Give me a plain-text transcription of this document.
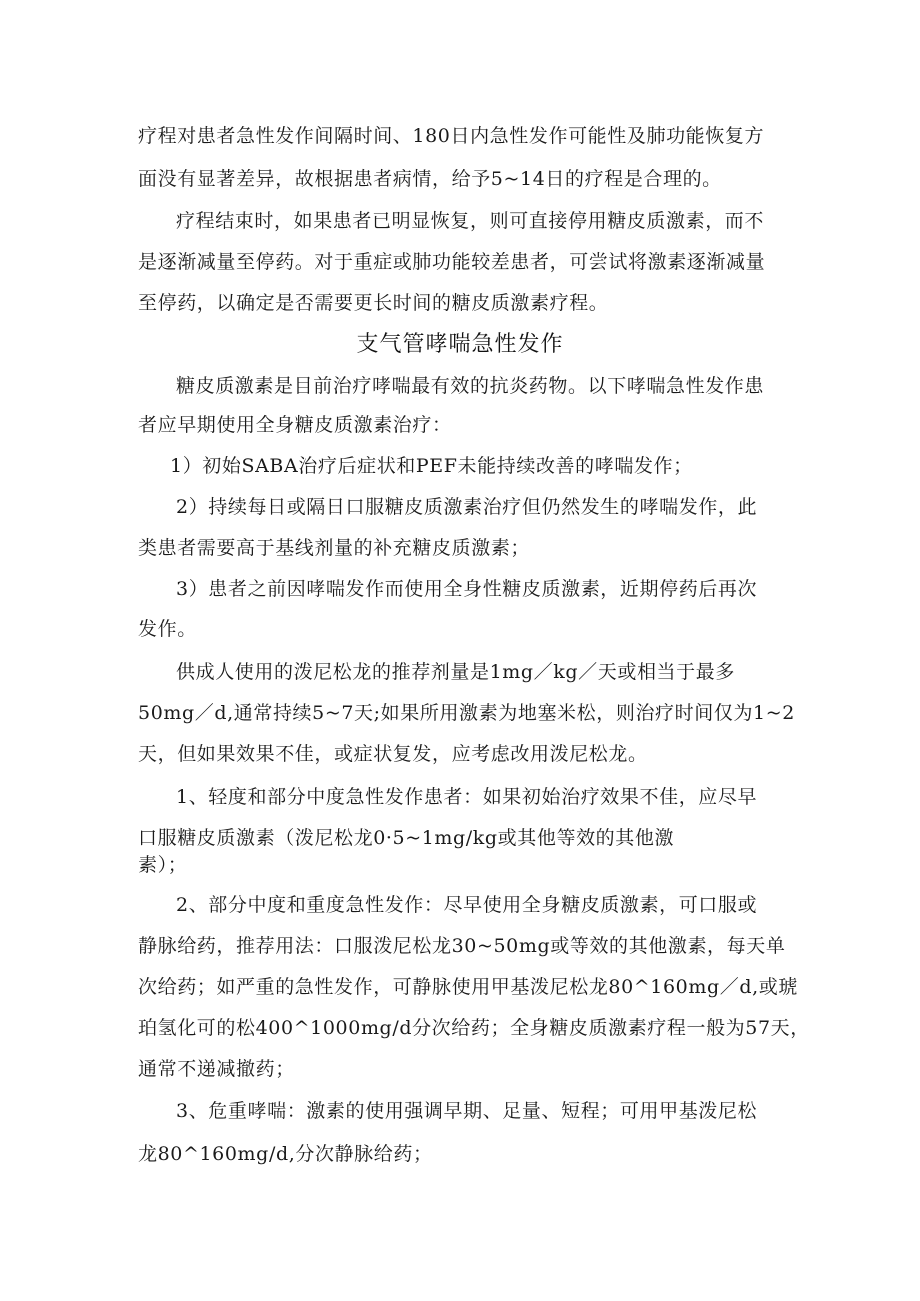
疗程对患者急性发作间隔时间、180日内急性发作可能性及肺功能恢复方
面没有显著差异，故根据患者病情，给予5~14日的疗程是合理的。
疗程结束时，如果患者已明显恢复，则可直接停用糖皮质激素，而不
是逐渐减量至停药。对于重症或肺功能较差患者，可尝试将激素逐渐减量
至停药，以确定是否需要更长时间的糖皮质激素疗程。
支气管哮喘急性发作
糖皮质激素是目前治疗哮喘最有效的抗炎药物。以下哮喘急性发作患
者应早期使用全身糖皮质激素治疗：
1）初始SABA治疗后症状和PEF未能持续改善的哮喘发作；
2）持续每日或隔日口服糖皮质激素治疗但仍然发生的哮喘发作，此
类患者需要高于基线剂量的补充糖皮质激素；
3）患者之前因哮喘发作而使用全身性糖皮质激素，近期停药后再次
发作。
供成人使用的泼尼松龙的推荐剂量是1mg／kg／天或相当于最多
50mg／d,通常持续5~7天;如果所用激素为地塞米松，则治疗时间仅为1~2
天，但如果效果不佳，或症状复发，应考虑改用泼尼松龙。
1、轻度和部分中度急性发作患者：如果初始治疗效果不佳，应尽早
口服糖皮质激素（泼尼松龙0·5~1mg/kg或其他等效的其他激
素）；
2、部分中度和重度急性发作：尽早使用全身糖皮质激素，可口服或
静脉给药，推荐用法：口服泼尼松龙30~50mg或等效的其他激素，每天单
次给药；如严重的急性发作，可静脉使用甲基泼尼松龙80^160mg／d,或琥
珀氢化可的松400^1000mg/d分次给药；全身糖皮质激素疗程一般为57天，
通常不递减撤药；
3、危重哮喘：激素的使用强调早期、足量、短程；可用甲基泼尼松
龙80^160mg/d,分次静脉给药；
